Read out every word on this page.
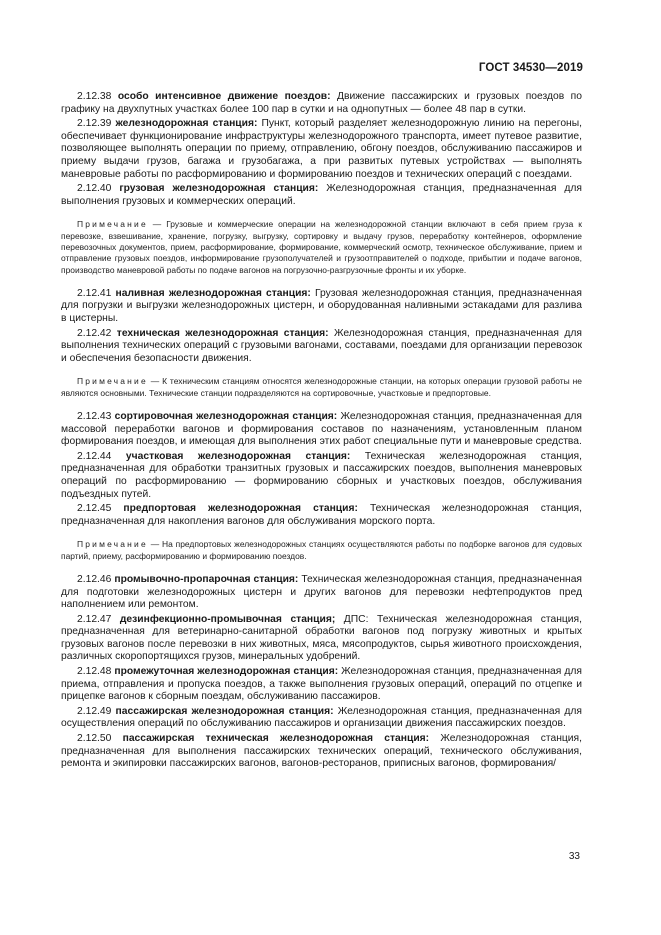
ГОСТ 34530—2019

2.12.38 особо интенсивное движение поездов: Движение пассажирских и грузовых поездов по графику на двухпутных участках более 100 пар в сутки и на однопутных — более 48 пар в сутки.

2.12.39 железнодорожная станция: Пункт, который разделяет железнодорожную линию на перегоны, обеспечивает функционирование инфраструктуры железнодорожного транспорта, имеет путевое развитие, позволяющее выполнять операции по приему, отправлению, обгону поездов, обслуживанию пассажиров и приему выдачи грузов, багажа и грузобагажа, а при развитых путевых устройствах — выполнять маневровые работы по расформированию и формированию поездов и технических операций с поездами.

2.12.40 грузовая железнодорожная станция: Железнодорожная станция, предназначенная для выполнения грузовых и коммерческих операций.

Примечание — Грузовые и коммерческие операции на железнодорожной станции включают в себя прием груза к перевозке, взвешивание, хранение, погрузку, выгрузку, сортировку и выдачу грузов, переработку контейнеров, оформление перевозочных документов, прием, расформирование, формирование, коммерческий осмотр, техническое обслуживание, прием и отправление грузовых поездов, информирование грузополучателей и грузоотправителей о подходе, прибытии и подаче вагонов, производство маневровой работы по подаче вагонов на погрузочно-разгрузочные фронты и их уборке.

2.12.41 наливная железнодорожная станция: Грузовая железнодорожная станция, предназначенная для погрузки и выгрузки железнодорожных цистерн, и оборудованная наливными эстакадами для разлива в цистерны.

2.12.42 техническая железнодорожная станция: Железнодорожная станция, предназначенная для выполнения технических операций с грузовыми вагонами, составами, поездами для организации перевозок и обеспечения безопасности движения.

Примечание — К техническим станциям относятся железнодорожные станции, на которых операции грузовой работы не являются основными. Технические станции подразделяются на сортировочные, участковые и предпортовые.

2.12.43 сортировочная железнодорожная станция: Железнодорожная станция, предназначенная для массовой переработки вагонов и формирования составов по назначениям, установленным планом формирования поездов, и имеющая для выполнения этих работ специальные пути и маневровые средства.

2.12.44 участковая железнодорожная станция: Техническая железнодорожная станция, предназначенная для обработки транзитных грузовых и пассажирских поездов, выполнения маневровых операций по расформированию — формированию сборных и участковых поездов, обслуживания подъездных путей.

2.12.45 предпортовая железнодорожная станция: Техническая железнодорожная станция, предназначенная для накопления вагонов для обслуживания морского порта.

Примечание — На предпортовых железнодорожных станциях осуществляются работы по подборке вагонов для судовых партий, приему, расформированию и формированию поездов.

2.12.46 промывочно-пропарочная станция: Техническая железнодорожная станция, предназначенная для подготовки железнодорожных цистерн и других вагонов для перевозки нефтепродуктов пред наполнением или ремонтом.

2.12.47 дезинфекционно-промывочная станция; ДПС: Техническая железнодорожная станция, предназначенная для ветеринарно-санитарной обработки вагонов под погрузку животных и крытых грузовых вагонов после перевозки в них животных, мяса, мясопродуктов, сырья животного происхождения, различных скоропортящихся грузов, минеральных удобрений.

2.12.48 промежуточная железнодорожная станция: Железнодорожная станция, предназначенная для приема, отправления и пропуска поездов, а также выполнения грузовых операций, операций по отцепке и прицепке вагонов к сборным поездам, обслуживанию пассажиров.

2.12.49 пассажирская железнодорожная станция: Железнодорожная станция, предназначенная для осуществления операций по обслуживанию пассажиров и организации движения пассажирских поездов.

2.12.50 пассажирская техническая железнодорожная станция: Железнодорожная станция, предназначенная для выполнения пассажирских технических операций, технического обслуживания, ремонта и экипировки пассажирских вагонов, вагонов-ресторанов, приписных вагонов, формирования/

33
